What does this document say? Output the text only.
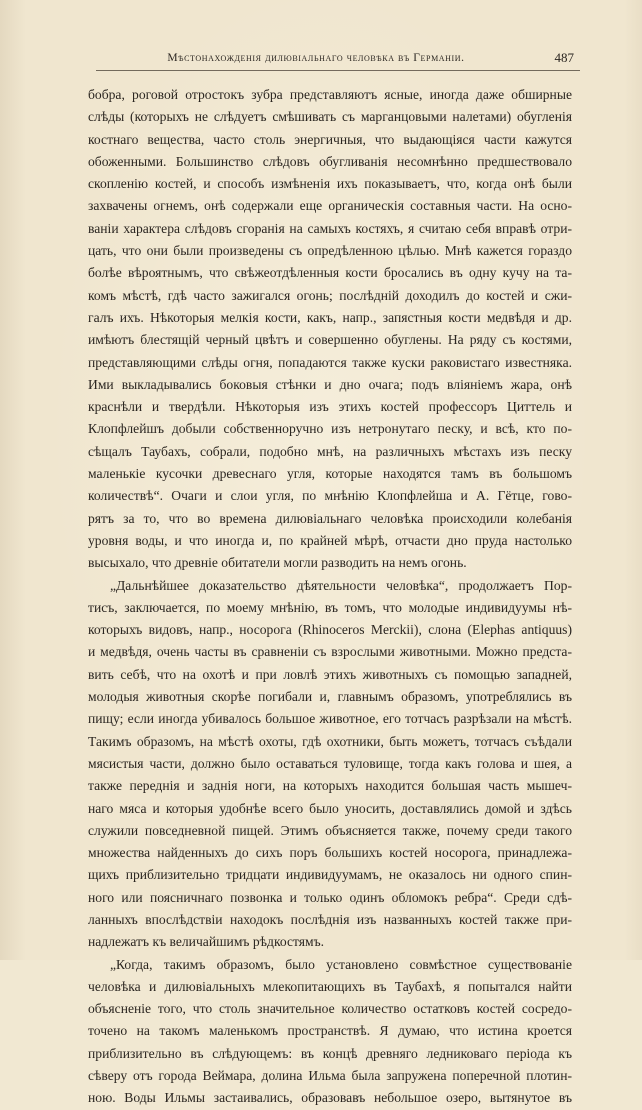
Мѣстонахожденія дилювіальнаго человѣка въ Германіи.	487
бобра, роговой отростокъ зубра представляютъ ясные, иногда даже обширные
слѣды (которыхъ не слѣдуетъ смѣшивать съ марганцовыми налетами) обугленія
костнаго вещества, часто столь энергичныя, что выдающіяся части кажутся
обоженными. Большинство слѣдовъ обугливанія несомнѣнно предшествовало
скопленію костей, и способъ измѣненія ихъ показываетъ, что, когда онѣ были
захвачены огнемъ, онѣ содержали еще органическія составныя части. На осно-
ваніи характера слѣдовъ сгоранія на самыхъ костяхъ, я считаю себя вправѣ отри-
цать, что они были произведены съ опредѣленною цѣлью. Мнѣ кажется гораздо
болѣе вѣроятнымъ, что свѣжеотдѣленныя кости бросались въ одну кучу на та-
комъ мѣстѣ, гдѣ часто зажигался огонь; послѣдній доходилъ до костей и сжи-
галъ ихъ. Нѣкоторыя мелкія кости, какъ, напр., запястныя кости медвѣдя и др.
имѣютъ блестящій черный цвѣтъ и совершенно обуглены. На ряду съ костями,
представляющими слѣды огня, попадаются также куски раковистаго известняка.
Ими выкладывались боковыя стѣнки и дно очага; подъ вліяніемъ жара, онѣ
краснѣли и твердѣли. Нѣкоторыя изъ этихъ костей профессоръ Циттель и
Клопфлейшъ добыли собственноручно изъ нетронутаго песку, и всѣ, кто по-
сѣщалъ Таубахъ, собрали, подобно мнѣ, на различныхъ мѣстахъ изъ песку
маленькіе кусочки древеснаго угля, которые находятся тамъ въ большомъ
количествѣ“. Очаги и слои угля, по мнѣнію Клопфлейша и А. Гётце, гово-
рятъ за то, что во времена дилювіальнаго человѣка происходили колебанія
уровня воды, и что иногда и, по крайней мѣрѣ, отчасти дно пруда настолько
высыхало, что древніе обитатели могли разводить на немъ огонь.
„Дальнѣйшее доказательство дѣятельности человѣка“, продолжаетъ Пор-
тисъ, заключается, по моему мнѣнію, въ томъ, что молодые индивидуумы нѣ-
которыхъ видовъ, напр., носорога (Rhinoceros Merckii), слона (Elephas antiquus)
и медвѣдя, очень часты въ сравненіи съ взрослыми животными. Можно предста-
вить себѣ, что на охотѣ и при ловлѣ этихъ животныхъ съ помощью западней,
молодыя животныя скорѣе погибали и, главнымъ образомъ, употреблялись въ
пищу; если иногда убивалось большое животное, его тотчасъ разрѣзали на мѣстѣ.
Такимъ образомъ, на мѣстѣ охоты, гдѣ охотники, быть можетъ, тотчасъ съѣдали
мясистыя части, должно было оставаться туловище, тогда какъ голова и шея, а
также переднія и заднія ноги, на которыхъ находится большая часть мышеч-
наго мяса и которыя удобнѣе всего было уносить, доставлялись домой и здѣсь
служили повседневной пищей. Этимъ объясняется также, почему среди такого
множества найденныхъ до сихъ поръ большихъ костей носорога, принадлежа-
щихъ приблизительно тридцати индивидуумамъ, не оказалось ни одного спин-
ного или поясничнаго позвонка и только одинъ обломокъ ребра“. Среди сдѣ-
ланныхъ впослѣдствіи находокъ послѣднія изъ названныхъ костей также при-
надлежатъ къ величайшимъ рѣдкостямъ.
„Когда, такимъ образомъ, было установлено совмѣстное существованіе
человѣка и дилювіальныхъ млекопитающихъ въ Таубахѣ, я попытался найти
объясненіе того, что столь значительное количество остатковъ костей сосредо-
точено на такомъ маленькомъ пространствѣ. Я думаю, что истина кроется
приблизительно въ слѣдующемъ: въ концѣ древняго ледниковаго періода къ
сѣверу отъ города Веймара, долина Ильма была запружена поперечной плотин-
ною. Воды Ильмы застаивались, образовавъ небольшое озеро, вытянутое въ
